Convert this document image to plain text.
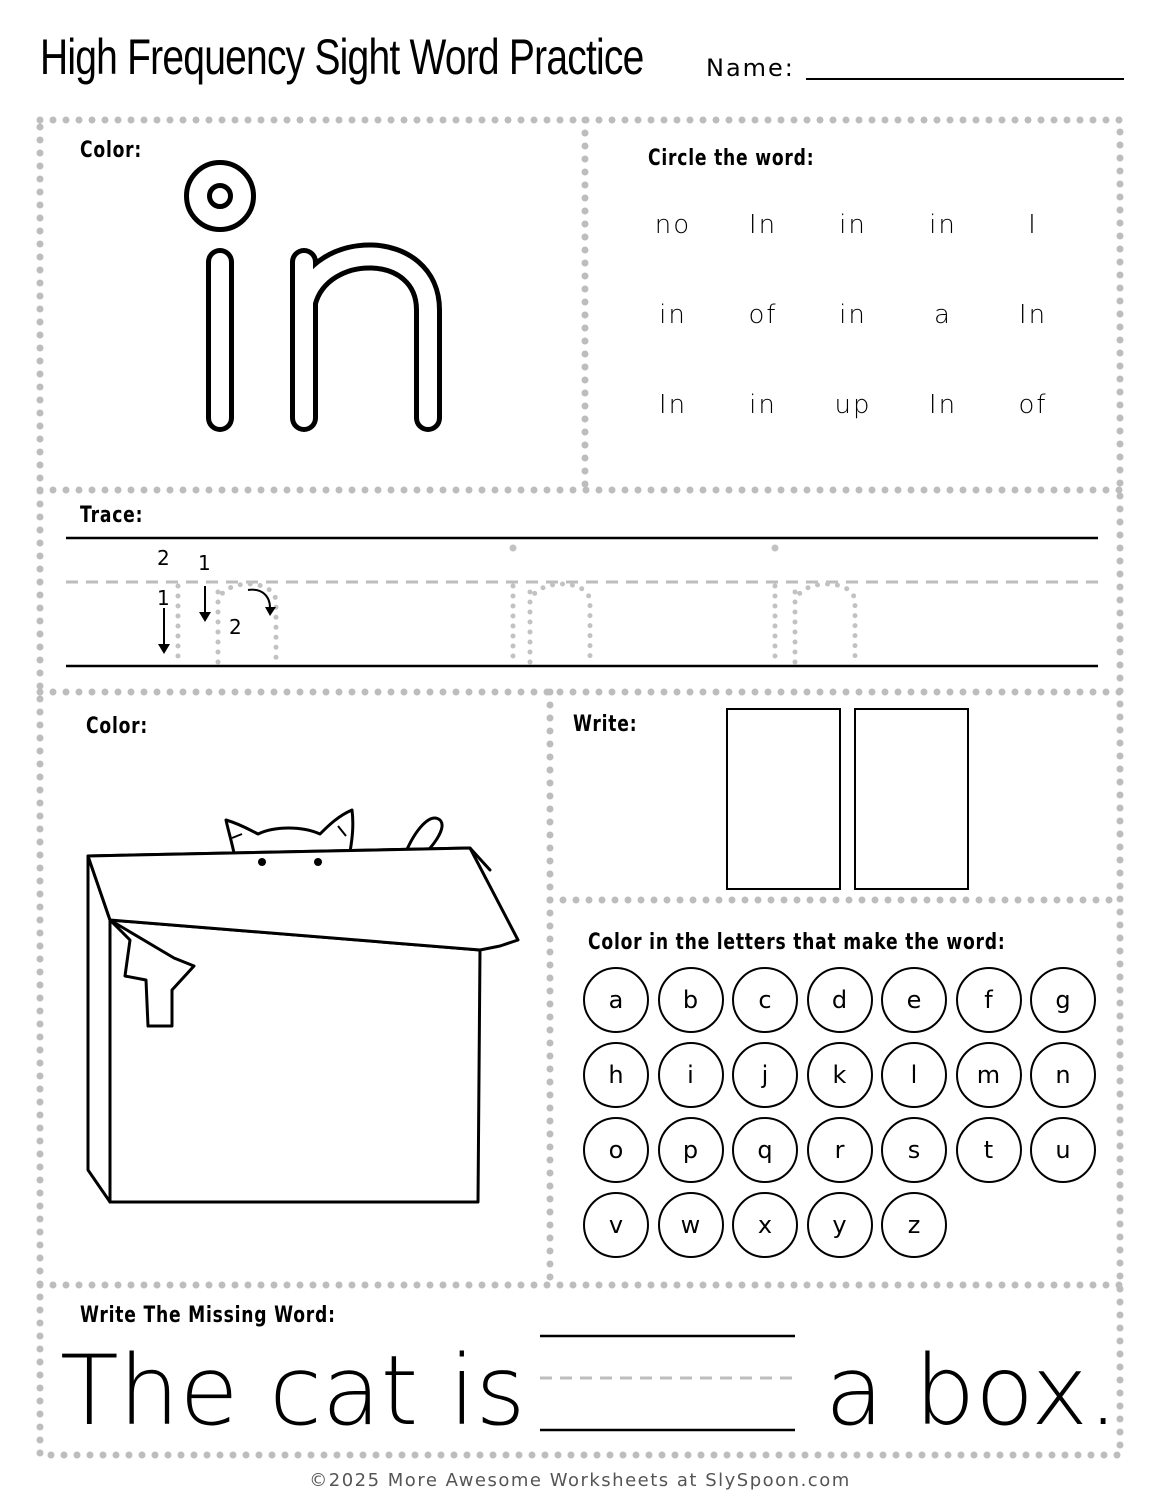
High Frequency Sight Word Practice	Name:
Color:	in	Circle the word:
no	In	in	in	I
in	of	in	a	In
In	in	up	In	of
Trace:
2 1
1
2
Color:	Write:
Color in the letters that make the word:
a	b	c	d	e	f	g
h	i	j	k	l	m	n
o	p	q	r	s	t	u
v	w	x	y	z
Write The Missing Word:
The cat is	a box.
©2025 More Awesome Worksheets at SlySpoon.com
